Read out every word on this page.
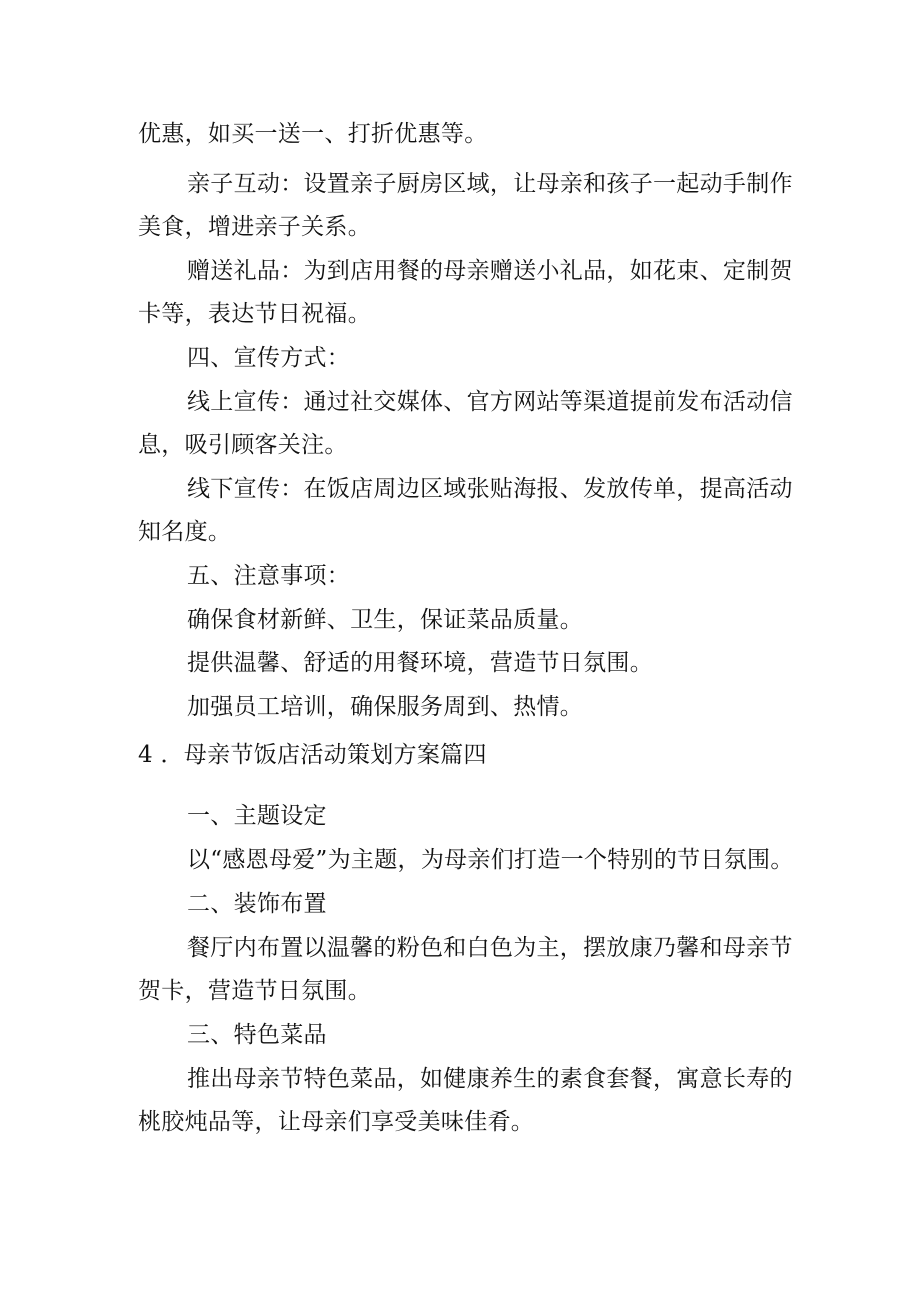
优惠，如买一送一、打折优惠等。
亲子互动：设置亲子厨房区域，让母亲和孩子一起动手制作
美食，增进亲子关系。
赠送礼品：为到店用餐的母亲赠送小礼品，如花束、定制贺
卡等，表达节日祝福。
四、宣传方式：
线上宣传：通过社交媒体、官方网站等渠道提前发布活动信
息，吸引顾客关注。
线下宣传：在饭店周边区域张贴海报、发放传单，提高活动
知名度。
五、注意事项：
确保食材新鲜、卫生，保证菜品质量。
提供温馨、舒适的用餐环境，营造节日氛围。
加强员工培训，确保服务周到、热情。
4 ．母亲节饭店活动策划方案篇四
一、主题设定
以“感恩母爱”为主题，为母亲们打造一个特别的节日氛围。
二、装饰布置
餐厅内布置以温馨的粉色和白色为主，摆放康乃馨和母亲节
贺卡，营造节日氛围。
三、特色菜品
推出母亲节特色菜品，如健康养生的素食套餐，寓意长寿的
桃胶炖品等，让母亲们享受美味佳肴。
